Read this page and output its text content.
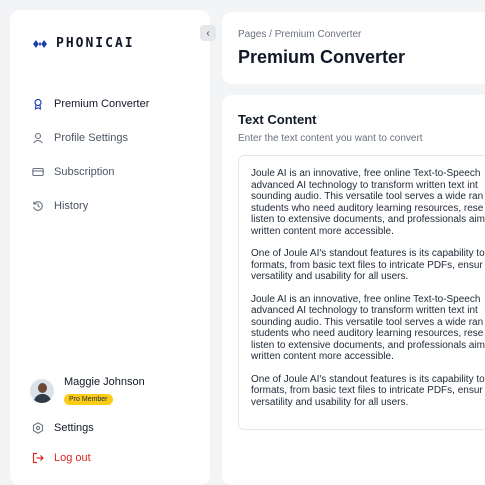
PHONICAI
Premium Converter
Profile Settings
Subscription
History
Maggie Johnson
Pro Member
Settings
Log out
‹	Pages / Premium Converter
Premium Converter
Text Content
Enter the text content you want to convert
Joule AI is an innovative, free online Text-to-Speech
advanced AI technology to transform written text int
sounding audio. This versatile tool serves a wide ran
students who need auditory learning resources, rese
listen to extensive documents, and professionals aim
written content more accessible.
One of Joule AI's standout features is its capability to
formats, from basic text files to intricate PDFs, ensur
versatility and usability for all users.
Joule AI is an innovative, free online Text-to-Speech
advanced AI technology to transform written text int
sounding audio. This versatile tool serves a wide ran
students who need auditory learning resources, rese
listen to extensive documents, and professionals aim
written content more accessible.
One of Joule AI's standout features is its capability to
formats, from basic text files to intricate PDFs, ensur
versatility and usability for all users.
